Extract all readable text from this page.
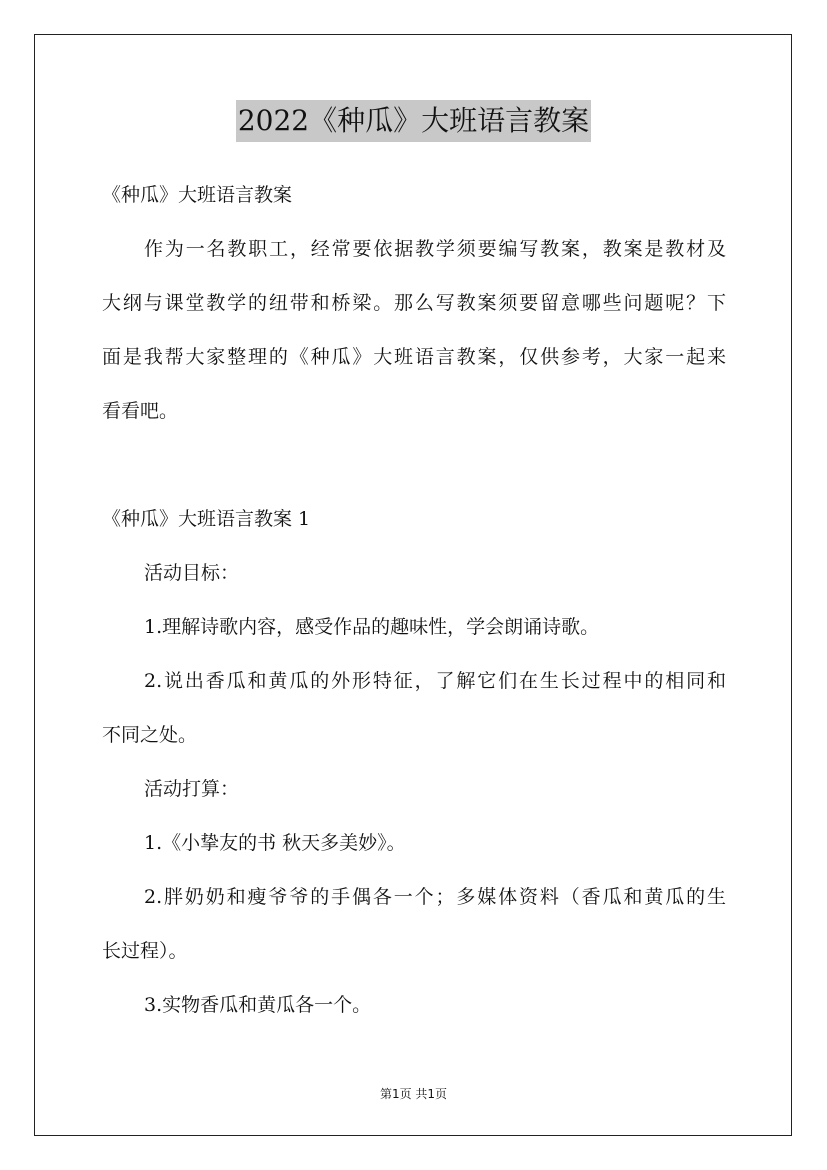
2022《种瓜》大班语言教案
《种瓜》大班语言教案
作为一名教职工，经常要依据教学须要编写教案，教案是教材及
大纲与课堂教学的纽带和桥梁。那么写教案须要留意哪些问题呢？下
面是我帮大家整理的《种瓜》大班语言教案，仅供参考，大家一起来
看看吧。
《种瓜》大班语言教案 1
活动目标：
1.理解诗歌内容，感受作品的趣味性，学会朗诵诗歌。
2.说出香瓜和黄瓜的外形特征，了解它们在生长过程中的相同和
不同之处。
活动打算：
1.《小挚友的书 秋天多美妙》。
2.胖奶奶和瘦爷爷的手偶各一个；多媒体资料（香瓜和黄瓜的生
长过程）。
3.实物香瓜和黄瓜各一个。
第1页 共1页
